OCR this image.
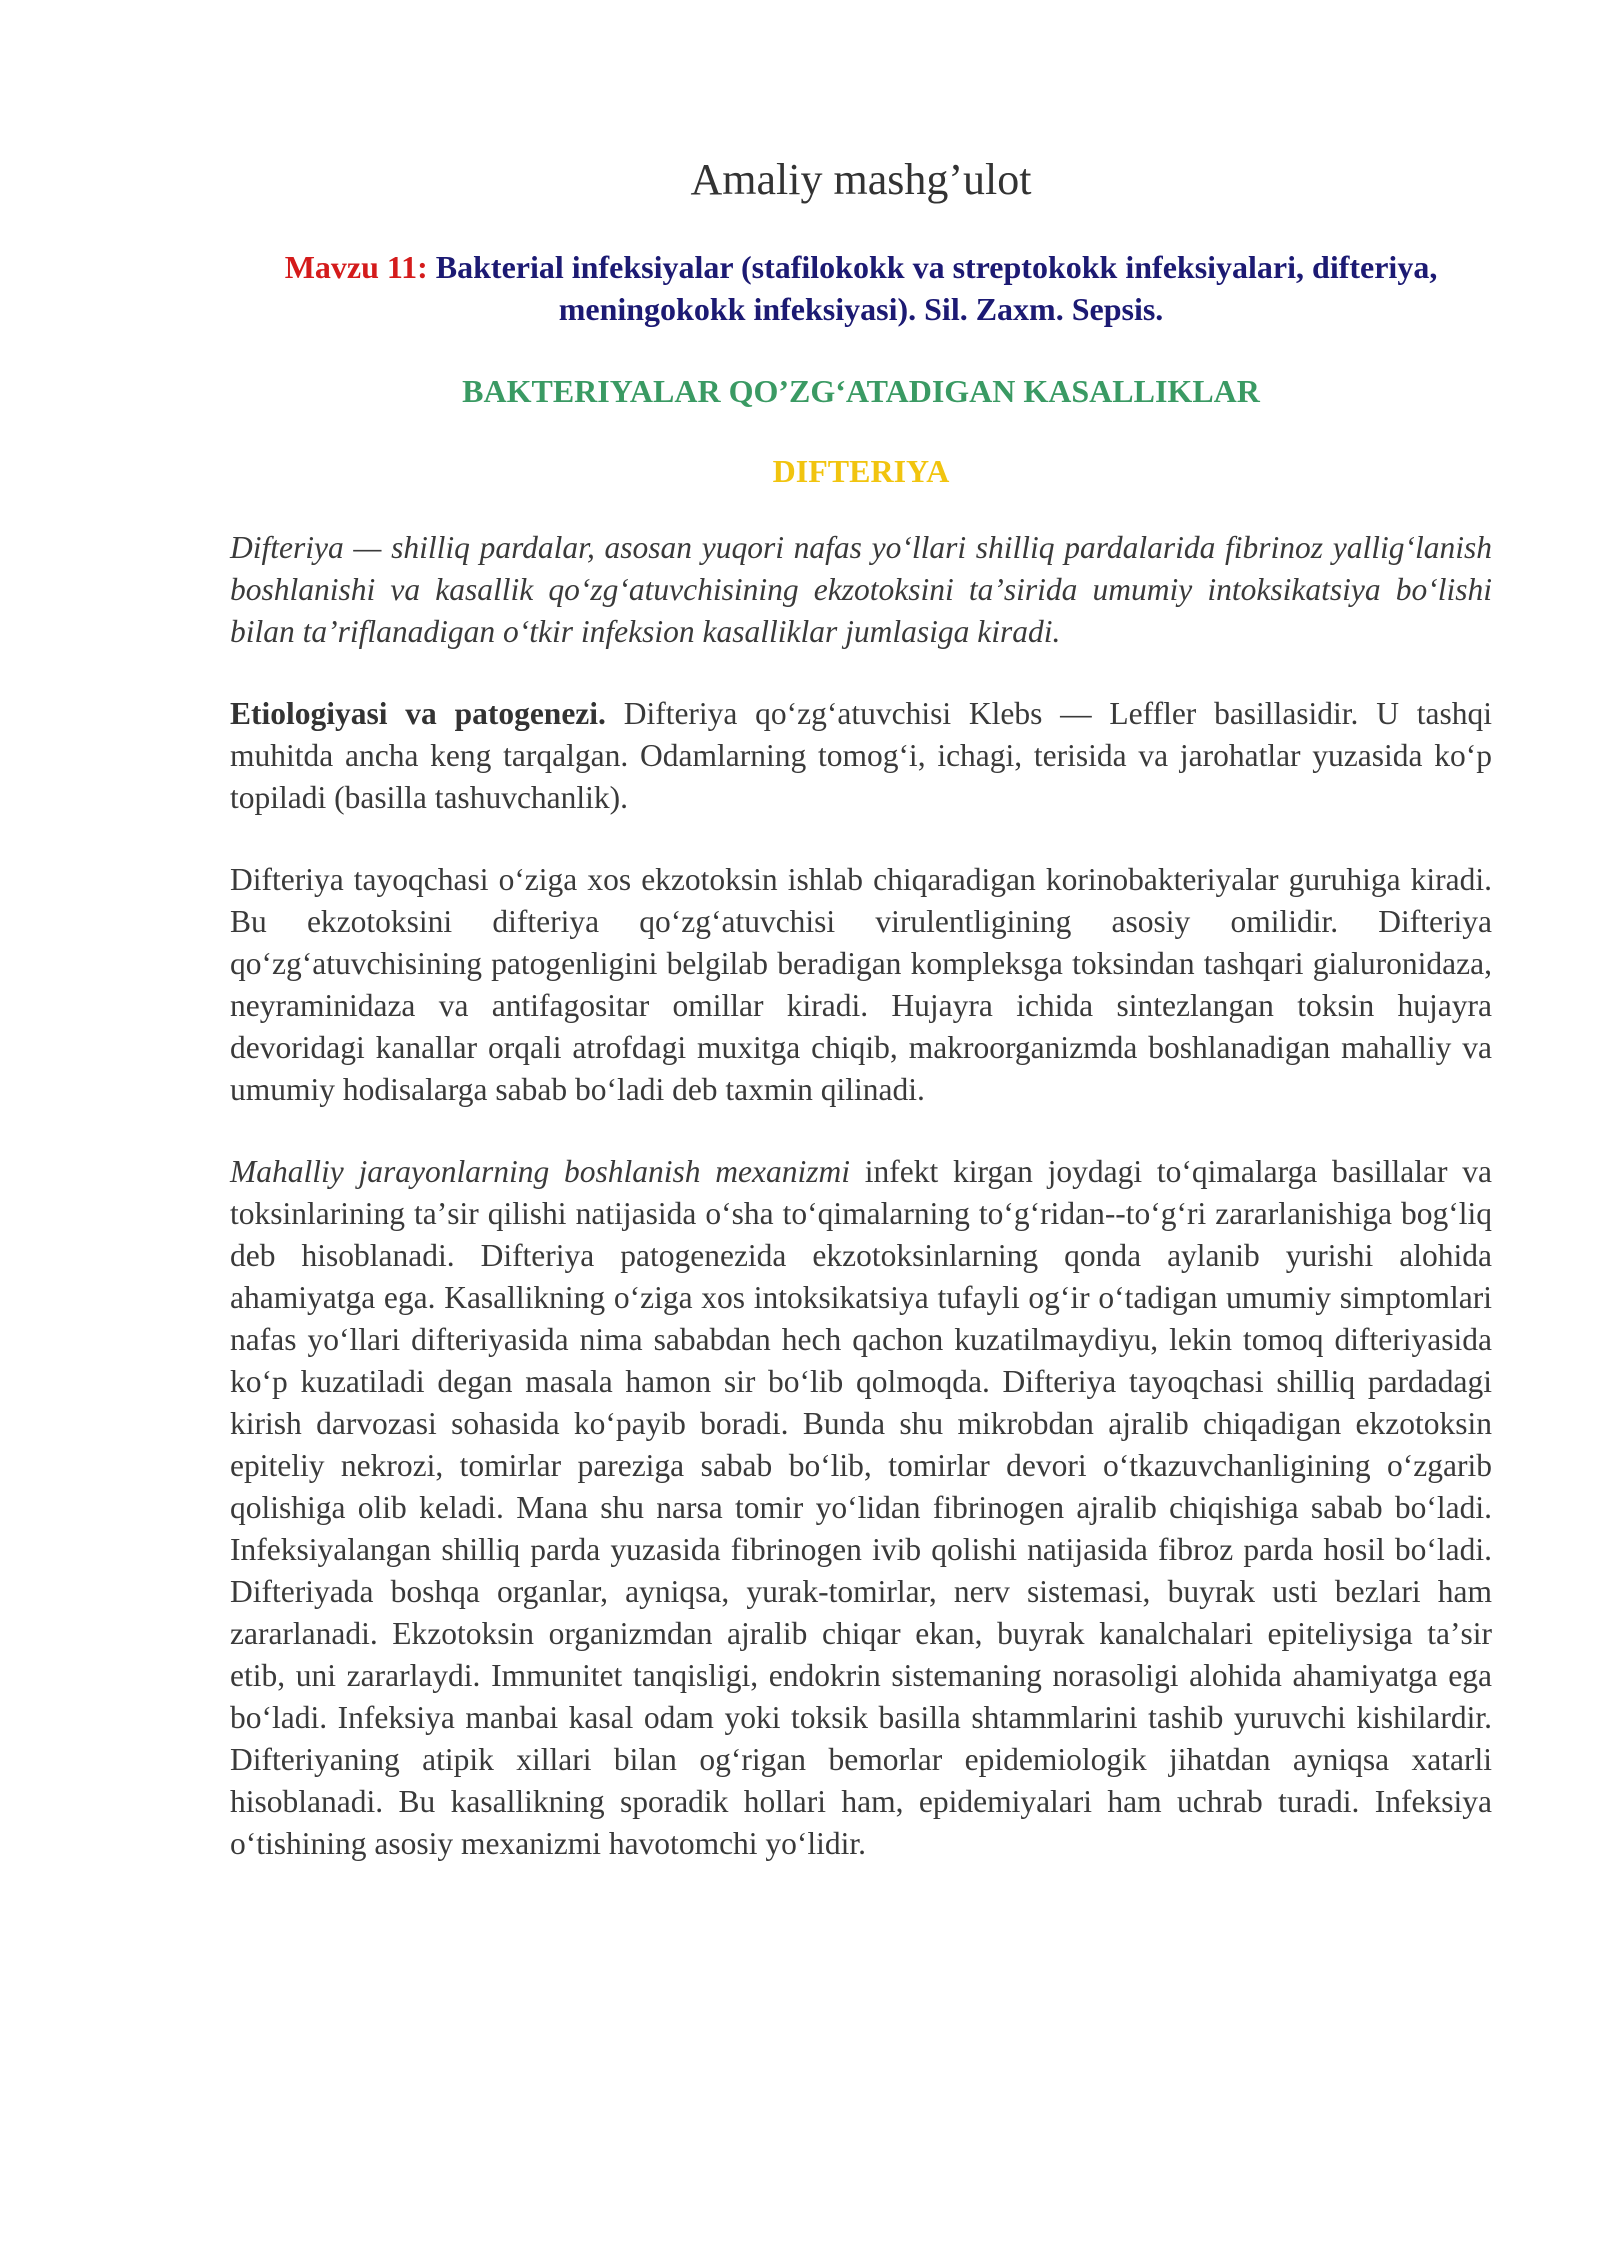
Amaliy mashg’ulot
Mavzu 11: Bakterial infeksiyalar (stafilokokk va streptokokk infeksiyalari, difteriya, meningokokk infeksiyasi). Sil. Zaxm. Sepsis.
BAKTERIYALAR QO’ZGʻATADIGAN KASALLIKLAR
DIFTERIYA

Difteriya — shilliq pardalar, asosan yuqori nafas yoʻllari shilliq pardalarida fibrinoz yalligʻlanish boshlanishi va kasallik qoʻzgʻatuvchisining ekzotoksini taʼsirida umumiy intoksikatsiya boʻlishi bilan taʼriflanadigan oʻtkir infeksion kasalliklar jumlasiga kiradi.

Etiologiyasi va patogenezi. Difteriya qoʻzgʻatuvchisi Klebs — Leffler basillasidir. U tashqi muhitda ancha keng tarqalgan. Odamlarning tomogʻi, ichagi, terisida va jarohatlar yuzasida koʻp topiladi (basilla tashuvchanlik).

Difteriya tayoqchasi oʻziga xos ekzotoksin ishlab chiqaradigan korinobakteriyalar guruhiga kiradi. Bu ekzotoksini difteriya qoʻzgʻatuvchisi virulentligining asosiy omilidir. Difteriya qoʻzgʻatuvchisining patogenligini belgilab beradigan kompleksga toksindan tashqari gialuronidaza, neyraminidaza va antifagositar omillar kiradi. Hujayra ichida sintezlangan toksin hujayra devoridagi kanallar orqali atrofdagi muxitga chiqib, makroorganizmda boshlanadigan mahalliy va umumiy hodisalarga sabab boʻladi deb taxmin qilinadi.

Mahalliy jarayonlarning boshlanish mexanizmi infekt kirgan joydagi toʻqimalarga basillalar va toksinlarining taʼsir qilishi natijasida oʻsha toʻqimalarning toʻgʻridan--toʻgʻri zararlanishiga bogʻliq deb hisoblanadi. Difteriya patogenezida ekzotoksinlarning qonda aylanib yurishi alohida ahamiyatga ega. Kasallikning oʻziga xos intoksikatsiya tufayli ogʻir oʻtadigan umumiy simptomlari nafas yoʻllari difteriyasida nima sababdan hech qachon kuzatilmaydiyu, lekin tomoq difteriyasida koʻp kuzatiladi degan masala hamon sir boʻlib qolmoqda. Difteriya tayoqchasi shilliq pardadagi kirish darvozasi sohasida koʻpayib boradi. Bunda shu mikrobdan ajralib chiqadigan ekzotoksin epiteliy nekrozi, tomirlar pareziga sabab boʻlib, tomirlar devori oʻtkazuvchanligining oʻzgarib qolishiga olib keladi. Mana shu narsa tomir yoʻlidan fibrinogen ajralib chiqishiga sabab boʻladi. Infeksiyalangan shilliq parda yuzasida fibrinogen ivib qolishi natijasida fibroz parda hosil boʻladi. Difteriyada boshqa organlar, ayniqsa, yurak-tomirlar, nerv sistemasi, buyrak usti bezlari ham zararlanadi. Ekzotoksin organizmdan ajralib chiqar ekan, buyrak kanalchalari epiteliysiga taʼsir etib, uni zararlaydi. Immunitet tanqisligi, endokrin sistemaning norasoligi alohida ahamiyatga ega boʻladi. Infeksiya manbai kasal odam yoki toksik basilla shtammlarini tashib yuruvchi kishilardir. Difteriyaning atipik xillari bilan ogʻrigan bemorlar epidemiologik jihatdan ayniqsa xatarli hisoblanadi. Bu kasallikning sporadik hollari ham, epidemiyalari ham uchrab turadi. Infeksiya oʻtishining asosiy mexanizmi havotomchi yoʻlidir.
